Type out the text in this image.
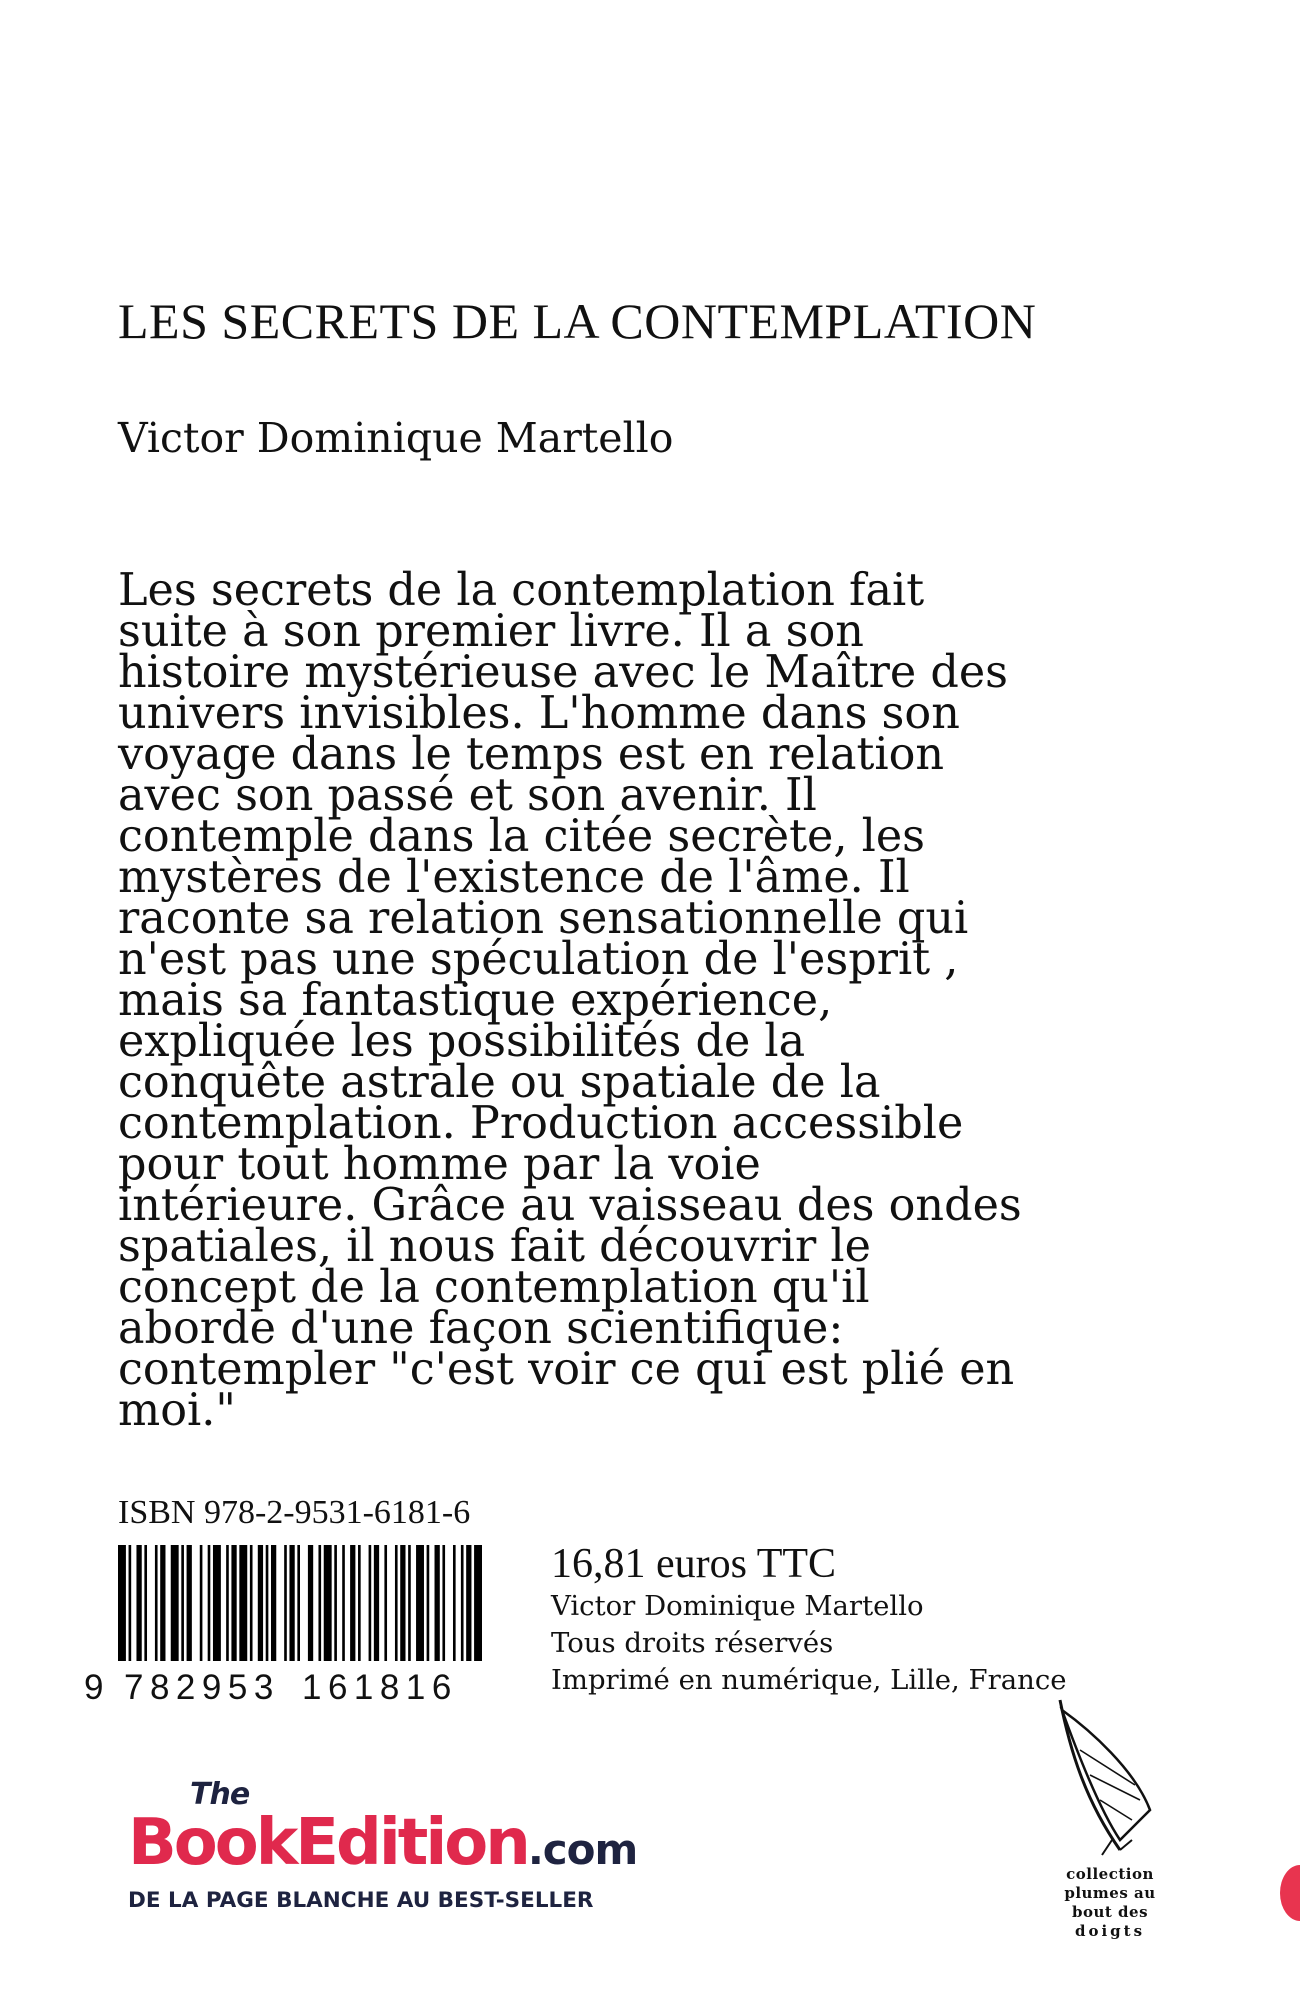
LES SECRETS DE LA CONTEMPLATION
Victor Dominique Martello
Les secrets de la contemplation fait
suite à son premier livre. Il a son
histoire mystérieuse avec le Maître des
univers invisibles. L'homme dans son
voyage dans le temps est en relation
avec son passé et son avenir. Il
contemple dans la citée secrète, les
mystères de l'existence de l'âme. Il
raconte sa relation sensationnelle qui
n'est pas une spéculation de l'esprit ,
mais sa fantastique expérience,
expliquée les possibilités de la
conquête astrale ou spatiale de la
contemplation. Production accessible
pour tout homme par la voie
intérieure. Grâce au vaisseau des ondes
spatiales, il nous fait découvrir le
concept de la contemplation qu'il
aborde d'une façon scientifique:
contempler "c'est voir ce qui est plié en
moi."
ISBN 978-2-9531-6181-6
9 782953 161816
16,81 euros TTC
Victor Dominique Martello
Tous droits réservés
Imprimé en numérique, Lille, France
The
BookEdition.com
DE LA PAGE BLANCHE AU BEST-SELLER
collection
plumes au
bout des
doigts
